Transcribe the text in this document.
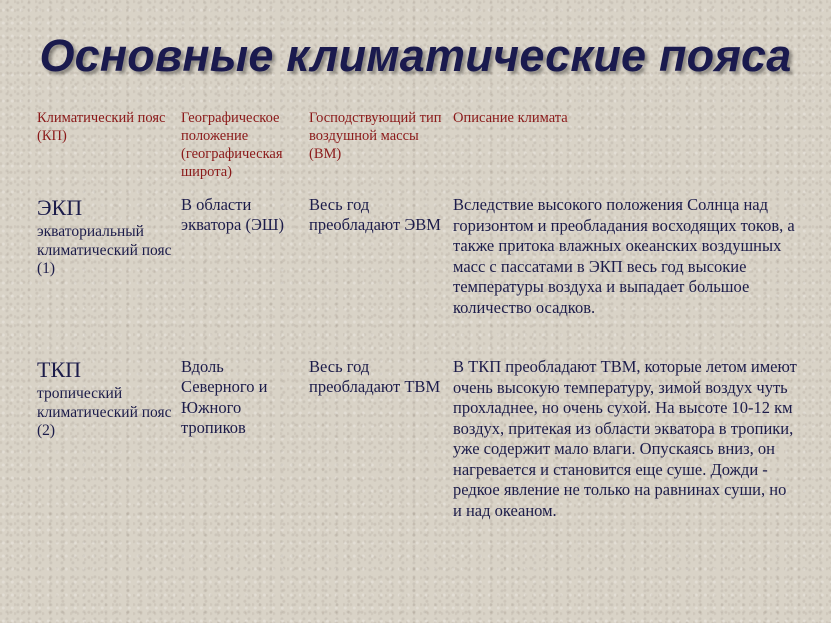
Основные климатические пояса
Климатический пояс (КП)
Географическое положение (географическая широта)
Господствующий тип воздушной массы (ВМ)
Описание климата
ЭКП
экваториальный климатический пояс (1)
В области экватора (ЭШ)
Весь год преобладают ЭВМ
Вследствие высокого положения Солнца над горизонтом и преобладания восходящих токов, а также притока влажных океанских воздушных масс с пассатами в ЭКП весь год высокие температуры воздуха и выпадает большое количество осадков.
ТКП
тропический климатический пояс (2)
Вдоль Северного и Южного тропиков
Весь год преобладают ТВМ
В ТКП преобладают ТВМ, которые летом имеют очень высокую температуру, зимой воздух чуть прохладнее, но очень сухой. На высоте 10-12 км воздух, притекая из области экватора в тропики, уже содержит мало влаги. Опускаясь вниз, он нагревается и становится еще суше. Дожди - редкое явление не только на равнинах суши, но и над океаном.
